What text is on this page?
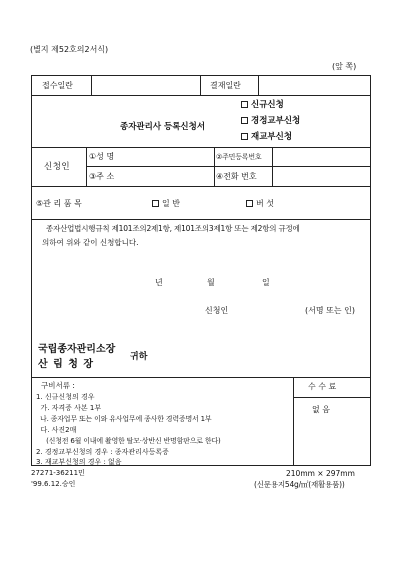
(별지 제52호의2서식)
(앞 쪽)
접수일란	결재일란
종자관리사 등록신청서
신규신청
경정교부신청
재교부신청
신청인
①성 명	②주민등록번호
③주 소	④전화 번호
⑤관 리 품 목	일 반	버 섯
종자산업법시행규칙 제101조의2제1항, 제101조의3제1항 또는 제2항의 규정에
의하여 위와 같이 신청합니다.
년	월	일
신청인	(서명 또는 인)
국립종자관리소장
산 림 청 장
귀하
수 수 료
없 음
구비서류 :
1. 신규신청의 경우
가. 자격증 사본 1부
나. 종자업무 또는 이와 유사업무에 종사한 경력증명서 1부
다. 사진2매
(신청전 6월 이내에 촬영한 탈모·상반신 반명함판으로 한다)
2. 경정교부신청의 경우 : 종자관리사등록증
3. 재교부신청의 경우 : 없음
27271-36211민
'99.6.12.승인
210mm × 297mm
(신문용지54g/㎡(재활용품))
